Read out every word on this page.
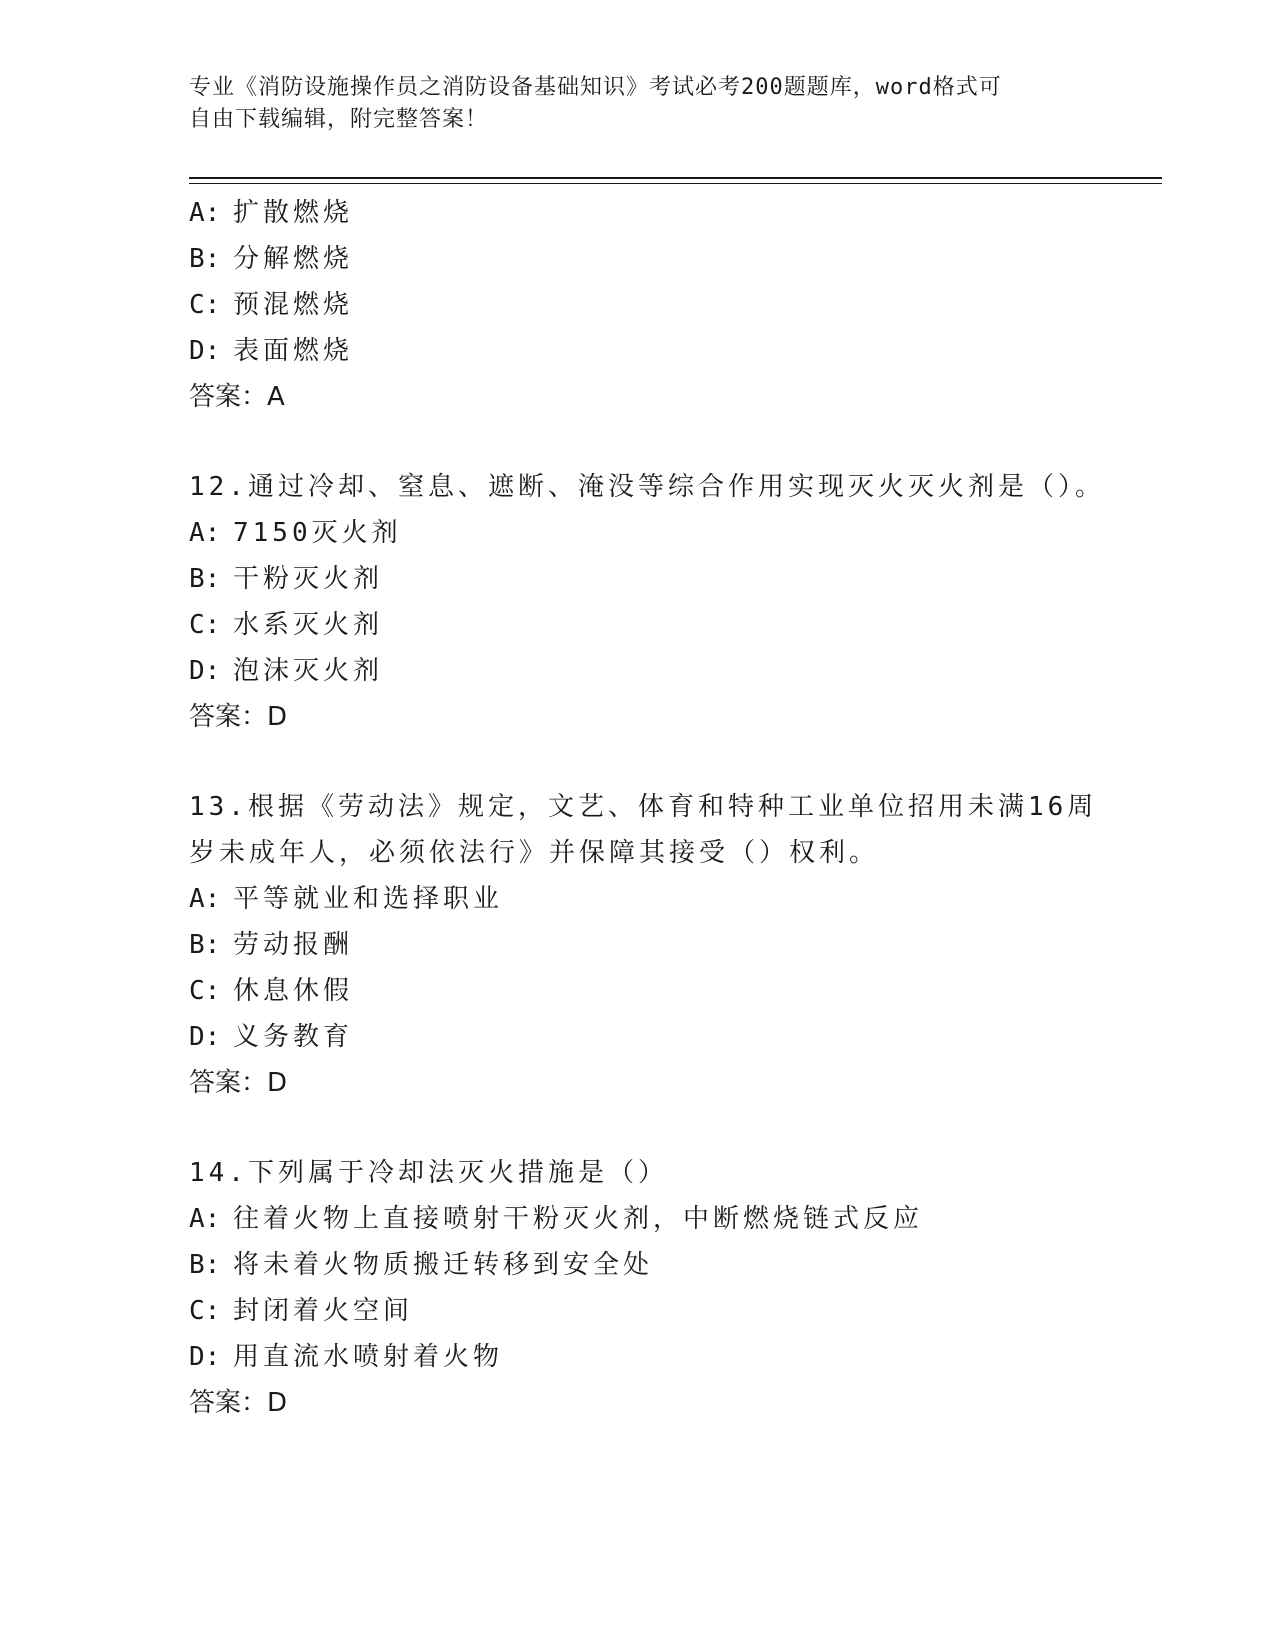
专业《消防设施操作员之消防设备基础知识》考试必考200题题库，word格式可
自由下载编辑，附完整答案！
A: 扩散燃烧
B: 分解燃烧
C: 预混燃烧
D: 表面燃烧
答案：A
12.通过冷却、窒息、遮断、淹没等综合作用实现灭火灭火剂是（）。
A: 7150灭火剂
B: 干粉灭火剂
C: 水系灭火剂
D: 泡沫灭火剂
答案：D
13.根据《劳动法》规定，文艺、体育和特种工业单位招用未满16周
岁未成年人，必须依法行》并保障其接受（）权利。
A: 平等就业和选择职业
B: 劳动报酬
C: 休息休假
D: 义务教育
答案：D
14.下列属于冷却法灭火措施是（）
A: 往着火物上直接喷射干粉灭火剂，中断燃烧链式反应
B: 将未着火物质搬迁转移到安全处
C: 封闭着火空间
D: 用直流水喷射着火物
答案：D
